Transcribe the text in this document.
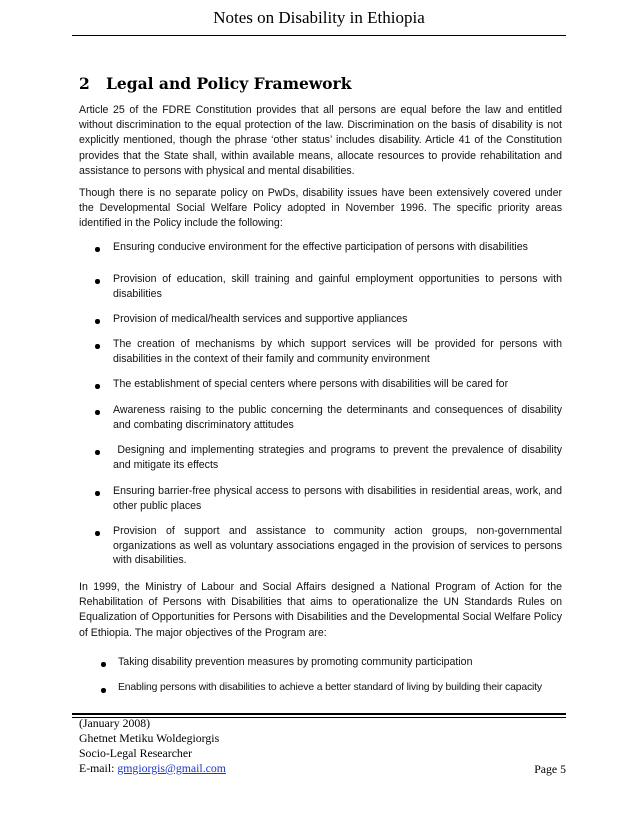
Notes on Disability in Ethiopia
2   Legal and Policy Framework

Article 25 of the FDRE Constitution provides that all persons are equal before the law and entitled without discrimination to the equal protection of the law. Discrimination on the basis of disability is not explicitly mentioned, though the phrase ‘other status’ includes disability. Article 41 of the Constitution provides that the State shall, within available means, allocate resources to provide rehabilitation and assistance to persons with physical and mental disabilities.

Though there is no separate policy on PwDs, disability issues have been extensively covered under the Developmental Social Welfare Policy adopted in November 1996. The specific priority areas identified in the Policy include the following:

Ensuring conducive environment for the effective participation of persons with disabilities
Provision of education, skill training and gainful employment opportunities to persons with disabilities
Provision of medical/health services and supportive appliances
The creation of mechanisms by which support services will be provided for persons with disabilities in the context of their family and community environment
The establishment of special centers where persons with disabilities will be cared for
Awareness raising to the public concerning the determinants and consequences of disability and combating discriminatory attitudes
Designing and implementing strategies and programs to prevent the prevalence of disability and mitigate its effects
Ensuring barrier-free physical access to persons with disabilities in residential areas, work, and other public places
Provision of support and assistance to community action groups, non-governmental organizations as well as voluntary associations engaged in the provision of services to persons with disabilities.

In 1999, the Ministry of Labour and Social Affairs designed a National Program of Action for the Rehabilitation of Persons with Disabilities that aims to operationalize the UN Standards Rules on Equalization of Opportunities for Persons with Disabilities and the Developmental Social Welfare Policy of Ethiopia. The major objectives of the Program are:

Taking disability prevention measures by promoting community participation
Enabling persons with disabilities to achieve a better standard of living by building their capacity
(January 2008)
Ghetnet Metiku Woldegiorgis
Socio-Legal Researcher
E-mail: gmgiorgis@gmail.com	Page 5
